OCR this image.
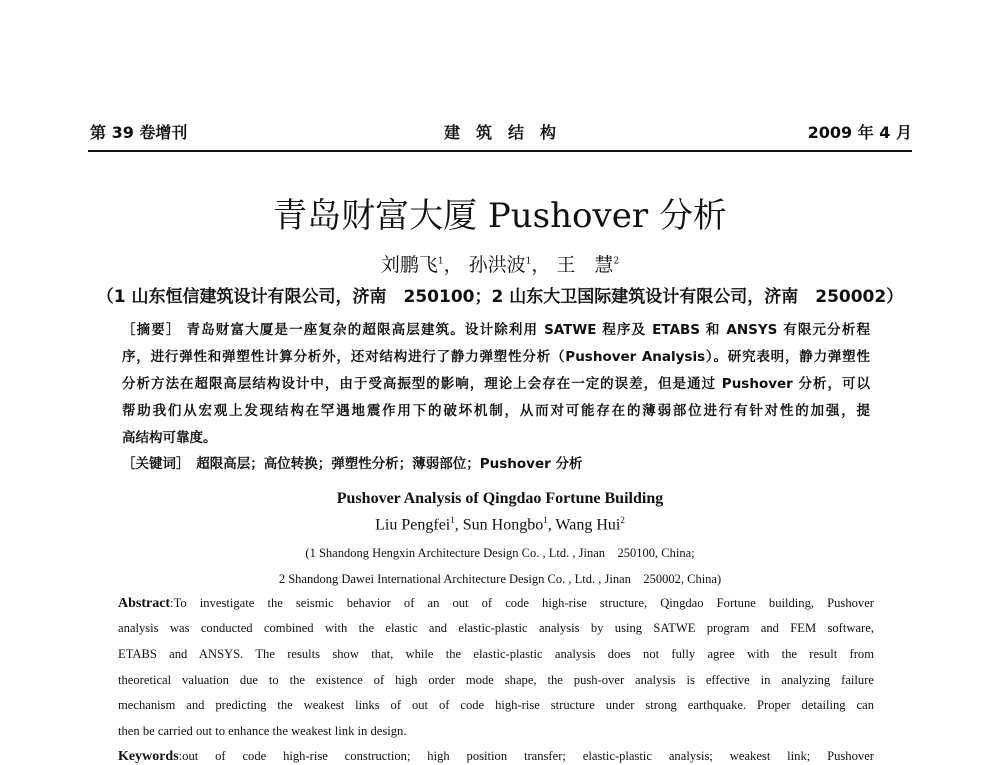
第 39 卷增刊	建　筑　结　构	2009 年 4 月
青岛财富大厦 Pushover 分析
刘鹏飞$^1$， 孙洪波$^1$， 王　慧$^2$
（1 山东恒信建筑设计有限公司，济南　250100；2 山东大卫国际建筑设计有限公司，济南　250002）
［摘要］ 青岛财富大厦是一座复杂的超限高层建筑。设计除利用 SATWE 程序及 ETABS 和 ANSYS 有限元分析程
序，进行弹性和弹塑性计算分析外，还对结构进行了静力弹塑性分析（Pushover Analysis）。研究表明，静力弹塑性
分析方法在超限高层结构设计中，由于受高振型的影响，理论上会存在一定的误差，但是通过 Pushover 分析，可以
帮助我们从宏观上发现结构在罕遇地震作用下的破坏机制，从而对可能存在的薄弱部位进行有针对性的加强，提
高结构可靠度。
［关键词］　 超限高层；高位转换；弹塑性分析；薄弱部位；Pushover 分析
Pushover Analysis of Qingdao Fortune Building
Liu Pengfei$^1$, Sun Hongbo$^1$, Wang Hui$^2$
(1 Shandong Hengxin Architecture Design Co. , Ltd. , Jinan　250100, China;
2 Shandong Dawei International Architecture Design Co. , Ltd. , Jinan　250002, China)
Abstract:To investigate the seismic behavior of an out of code high-rise structure, Qingdao Fortune building, Pushover
analysis was conducted combined with the elastic and elastic-plastic analysis by using SATWE program and FEM software,
ETABS and ANSYS. The results show that, while the elastic-plastic analysis does not fully agree with the result from
theoretical valuation due to the existence of high order mode shape, the push-over analysis is effective in analyzing failure
mechanism and predicting the weakest links of out of code high-rise structure under strong earthquake. Proper detailing can
then be carried out to enhance the weakest link in design.
Keywords:out of code high-rise construction; high position transfer; elastic-plastic analysis; weakest link; Pushover
